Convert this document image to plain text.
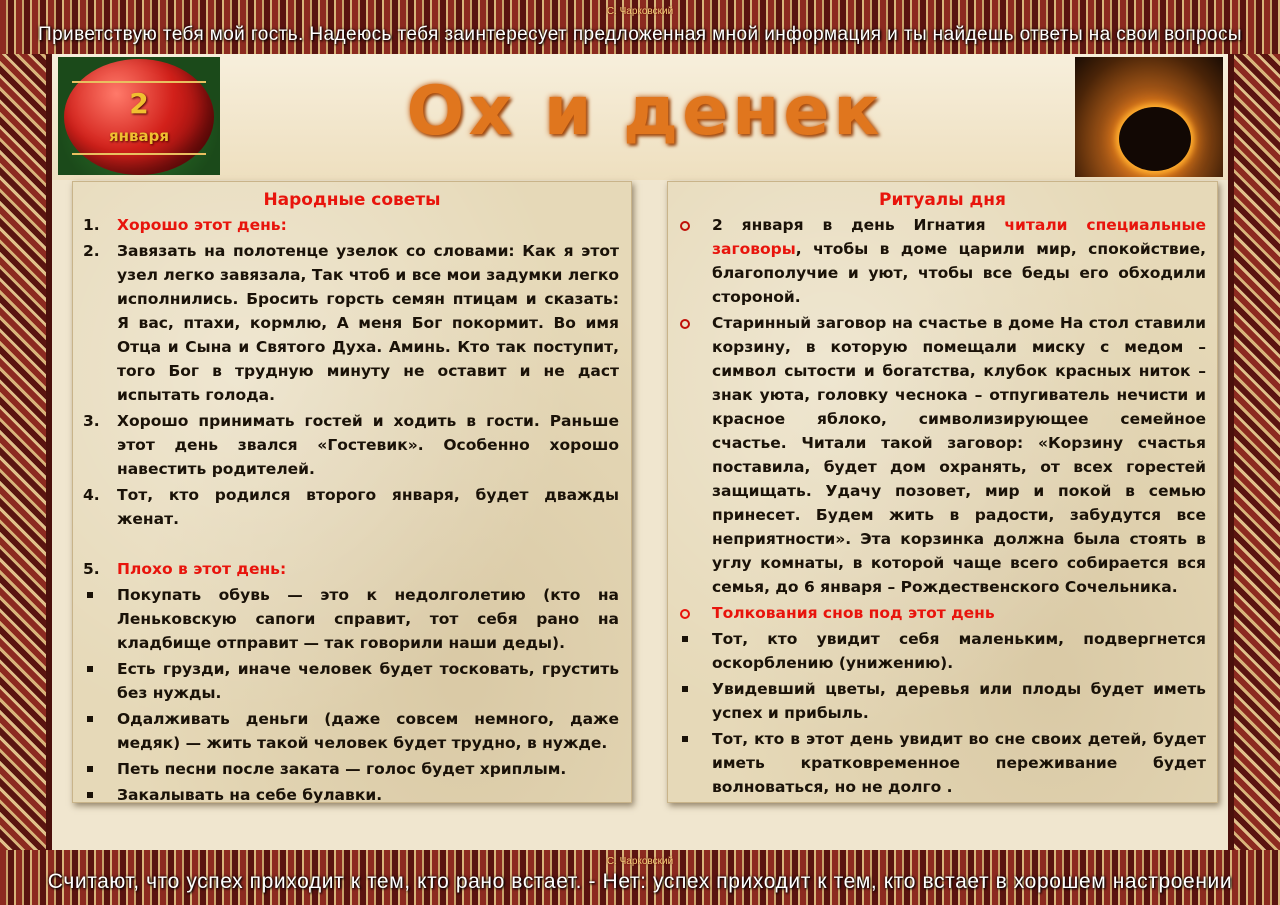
С. Чарковский
Приветствую тебя мой гость. Надеюсь тебя заинтересует предложенная мной информация и ты найдешь ответы на свои вопросы
2
января	Ох и денек
Народные советы
1.	Хорошо этот день:
2.	Завязать на полотенце узелок со словами: Как я этот узел легко завязала, Так чтоб и все мои задумки легко исполнились. Бросить горсть семян птицам и сказать: Я вас, птахи, кормлю, А меня Бог покормит. Во имя Отца и Сына и Святого Духа. Аминь. Кто так поступит, того Бог в трудную минуту не оставит и не даст испытать голода.
3.	Хорошо принимать гостей и ходить в гости. Раньше этот день звался «Гостевик». Особенно хорошо навестить родителей.
4.	Тот, кто родился второго января, будет дважды женат.
5.	Плохо в этот день:
Покупать обувь — это к недолголетию (кто на Леньковскую сапоги справит, тот себя рано на кладбище отправит — так говорили наши деды).
Есть грузди, иначе человек будет тосковать, грустить без нужды.
Одалживать деньги (даже совсем немного, даже медяк) — жить такой человек будет трудно, в нужде.
Петь песни после заката — голос будет хриплым.
Закалывать на себе булавки.
Ритуалы дня
2 января в день Игнатия читали специальные заговоры, чтобы в доме царили мир, спокойствие, благополучие и уют, чтобы все беды его обходили стороной.
Старинный заговор на счастье в доме На стол ставили корзину, в которую помещали миску с медом – символ сытости и богатства, клубок красных ниток – знак уюта, головку чеснока – отпугиватель нечисти и красное яблоко, символизирующее семейное счастье. Читали такой заговор: «Корзину счастья поставила, будет дом охранять, от всех горестей защищать. Удачу позовет, мир и покой в семью принесет. Будем жить в радости, забудутся все неприятности». Эта корзинка должна была стоять в углу комнаты, в которой чаще всего собирается вся семья, до 6 января – Рождественского Сочельника.
Толкования снов под этот день
Тот, кто увидит себя маленьким, подвергнется оскорблению (унижению).
Увидевший цветы, деревья или плоды будет иметь успех и прибыль.
Тот, кто в этот день увидит во сне своих детей, будет иметь кратковременное переживание будет волноваться, но не долго .
С. Чарковский
Считают, что успех приходит к тем, кто рано встает. - Нет: успех приходит к тем, кто встает в хорошем настроении
